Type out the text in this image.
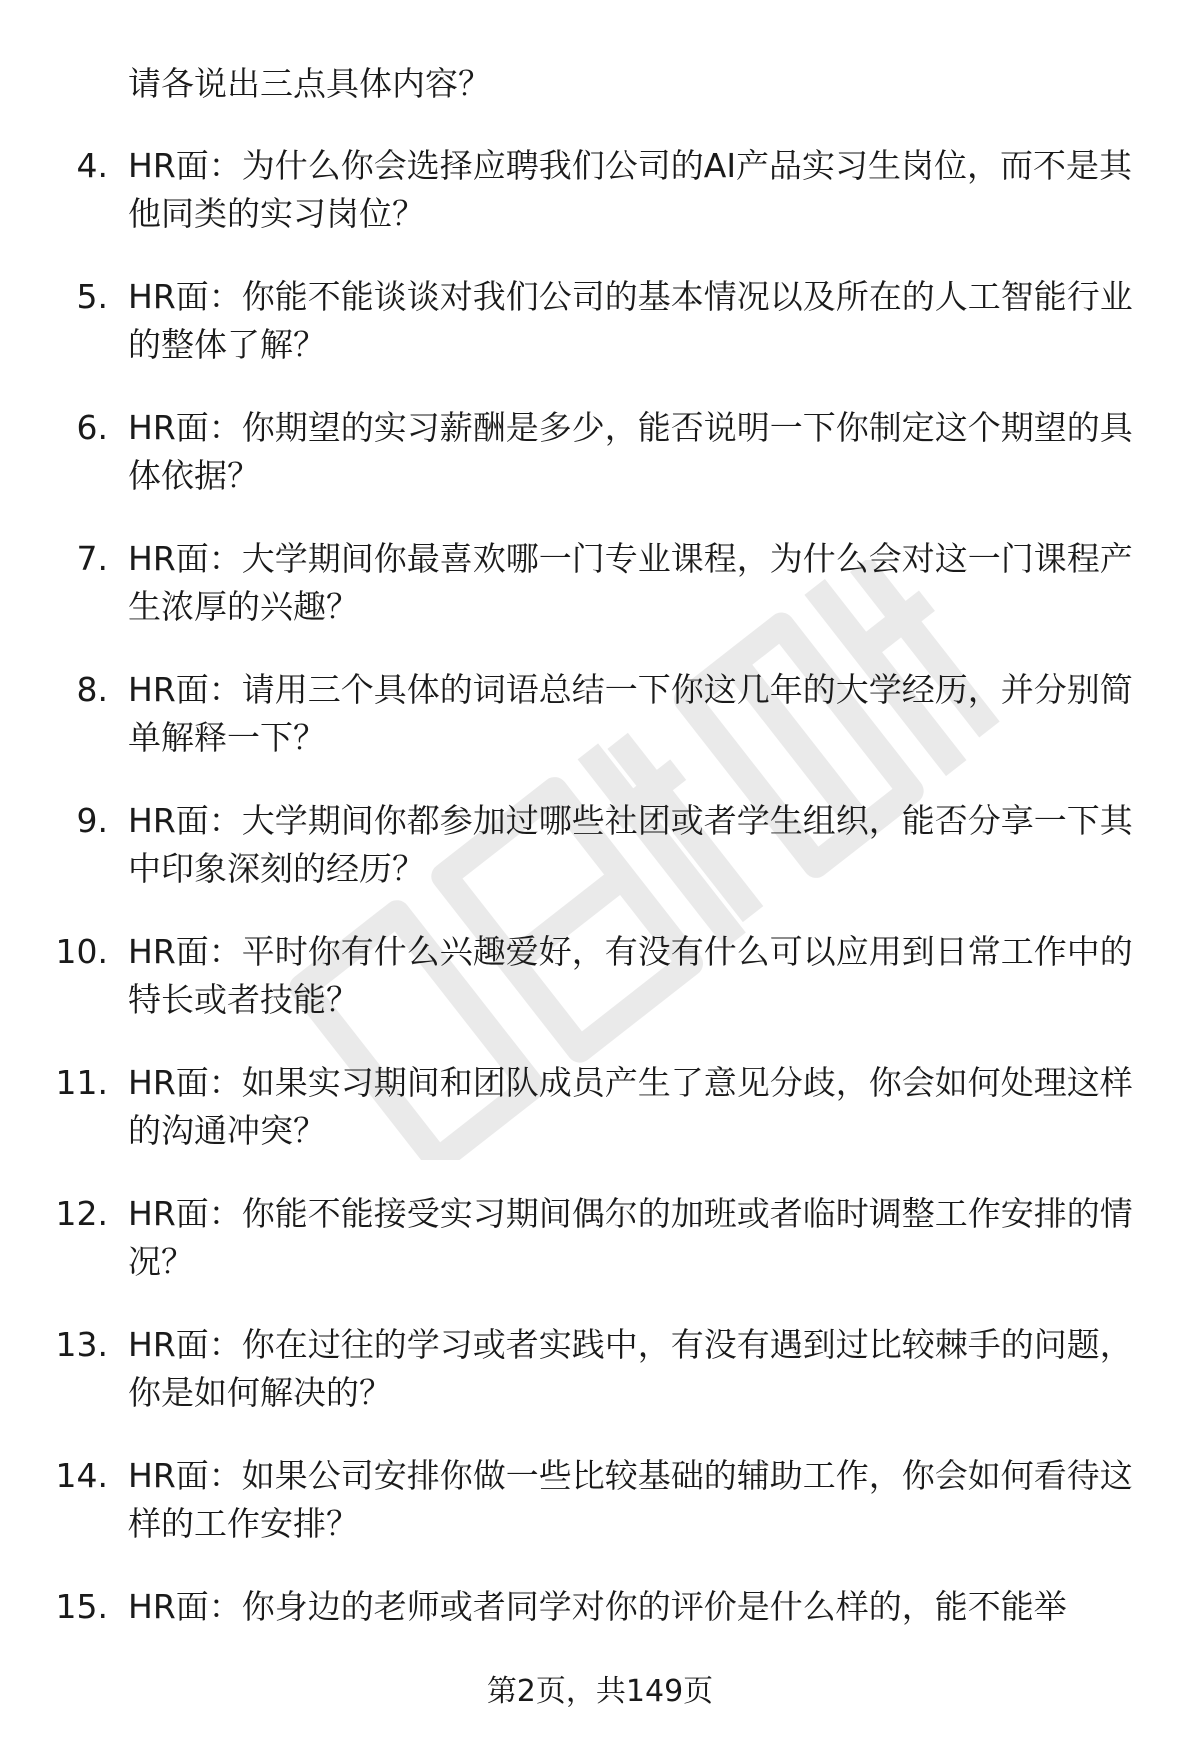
请各说出三点具体内容？
4. HR面：为什么你会选择应聘我们公司的AI产品实习生岗位，而不是其他同类的实习岗位？
5. HR面：你能不能谈谈对我们公司的基本情况以及所在的人工智能行业的整体了解？
6. HR面：你期望的实习薪酬是多少，能否说明一下你制定这个期望的具体依据？
7. HR面：大学期间你最喜欢哪一门专业课程，为什么会对这一门课程产生浓厚的兴趣？
8. HR面：请用三个具体的词语总结一下你这几年的大学经历，并分别简单解释一下？
9. HR面：大学期间你都参加过哪些社团或者学生组织，能否分享一下其中印象深刻的经历？
10. HR面：平时你有什么兴趣爱好，有没有什么可以应用到日常工作中的特长或者技能？
11. HR面：如果实习期间和团队成员产生了意见分歧，你会如何处理这样的沟通冲突？
12. HR面：你能不能接受实习期间偶尔的加班或者临时调整工作安排的情况？
13. HR面：你在过往的学习或者实践中，有没有遇到过比较棘手的问题，你是如何解决的？
14. HR面：如果公司安排你做一些比较基础的辅助工作，你会如何看待这样的工作安排？
15. HR面：你身边的老师或者同学对你的评价是什么样的，能不能举
第2页，共149页
